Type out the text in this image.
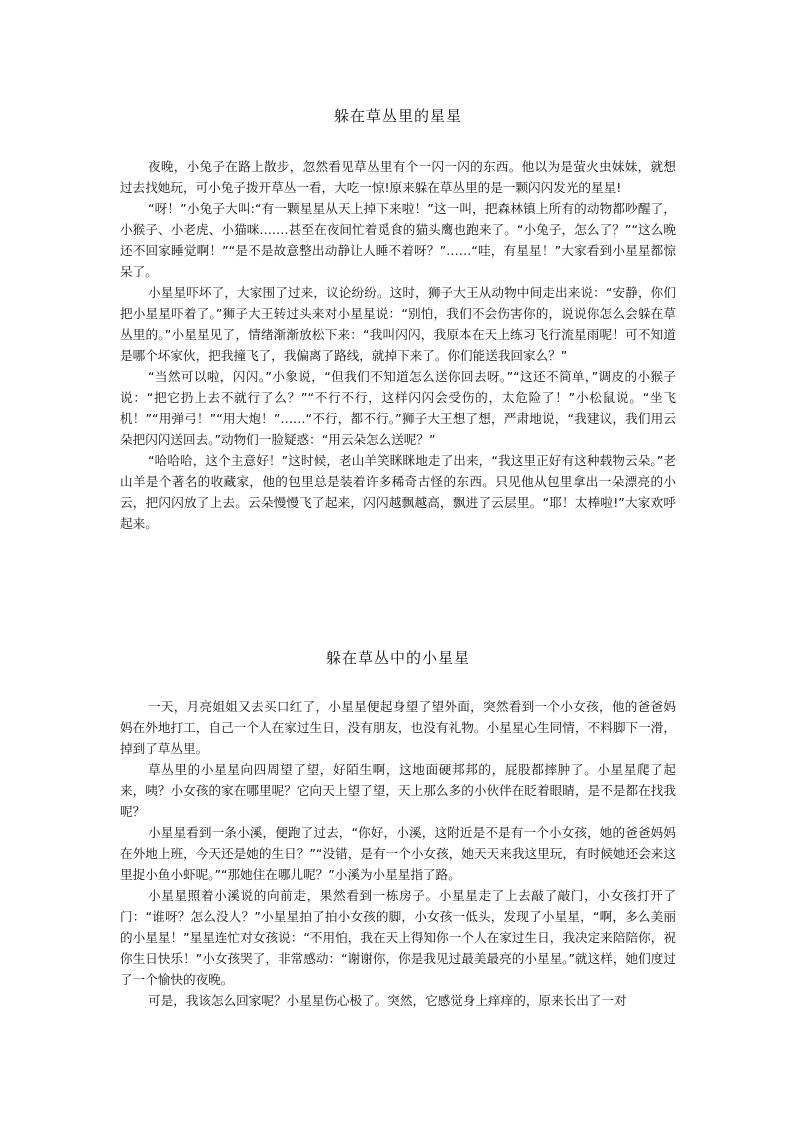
躲在草丛里的星星

夜晚，小兔子在路上散步，忽然看见草丛里有个一闪一闪的东西。他以为是萤火虫妹妹，就想过去找她玩，可小兔子拨开草丛一看，大吃一惊!原来躲在草丛里的是一颗闪闪发光的星星!

“呀！”小兔子大叫:“有一颗星星从天上掉下来啦！”这一叫，把森林镇上所有的动物都吵醒了，小猴子、小老虎、小猫咪.……甚至在夜间忙着觅食的猫头鹰也跑来了。“小兔子，怎么了？”“这么晚还不回家睡觉啊！”“是不是故意整出动静让人睡不着呀？”……“哇，有星星！”大家看到小星星都惊呆了。

小星星吓坏了，大家围了过来，议论纷纷。这时，狮子大王从动物中间走出来说：“安静，你们把小星星吓着了。”狮子大王转过头来对小星星说：“别怕，我们不会伤害你的，说说你怎么会躲在草丛里的。”小星星见了，情绪渐渐放松下来：“我叫闪闪，我原本在天上练习飞行流星雨呢！可不知道是哪个坏家伙，把我撞飞了，我偏离了路线，就掉下来了。你们能送我回家么？”

“当然可以啦，闪闪。”小象说，“但我们不知道怎么送你回去呀。”“这还不简单，”调皮的小猴子说：“把它扔上去不就行了么？”“不行不行，这样闪闪会受伤的，太危险了！”小松鼠说。“坐飞机！”“用弹弓！”“用大炮！”……“不行，都不行。”狮子大王想了想，严肃地说，“我建议，我们用云朵把闪闪送回去。”动物们一脸疑惑：“用云朵怎么送呢？”

“哈哈哈，这个主意好！”这时候，老山羊笑眯眯地走了出来，“我这里正好有这种载物云朵。”老山羊是个著名的收藏家，他的包里总是装着许多稀奇古怪的东西。只见他从包里拿出一朵漂亮的小云，把闪闪放了上去。云朵慢慢飞了起来，闪闪越飘越高，飘进了云层里。“耶！太棒啦!”大家欢呼起来。

躲在草丛中的小星星

一天，月亮姐姐又去买口红了，小星星便起身望了望外面，突然看到一个小女孩，他的爸爸妈妈在外地打工，自己一个人在家过生日，没有朋友，也没有礼物。小星星心生同情，不料脚下一滑，掉到了草丛里。

草丛里的小星星向四周望了望，好陌生啊，这地面硬邦邦的，屁股都摔肿了。小星星爬了起来，咦？小女孩的家在哪里呢？它向天上望了望，天上那么多的小伙伴在眨着眼睛，是不是都在找我呢？

小星星看到一条小溪，便跑了过去，“你好，小溪，这附近是不是有一个小女孩，她的爸爸妈妈在外地上班，今天还是她的生日？”“没错，是有一个小女孩，她天天来我这里玩，有时候她还会来这里捉小鱼小虾呢。”“那她住在哪儿呢？”小溪为小星星指了路。

小星星照着小溪说的向前走，果然看到一栋房子。小星星走了上去敲了敲门，小女孩打开了门：“谁呀？怎么没人？”小星星拍了拍小女孩的脚，小女孩一低头，发现了小星星，“啊，多么美丽的小星星！”星星连忙对女孩说：“不用怕，我在天上得知你一个人在家过生日，我决定来陪陪你，祝你生日快乐！”小女孩哭了，非常感动：“谢谢你，你是我见过最美最亮的小星星。”就这样，她们度过了一个愉快的夜晚。

可是，我该怎么回家呢？小星星伤心极了。突然，它感觉身上痒痒的，原来长出了一对
